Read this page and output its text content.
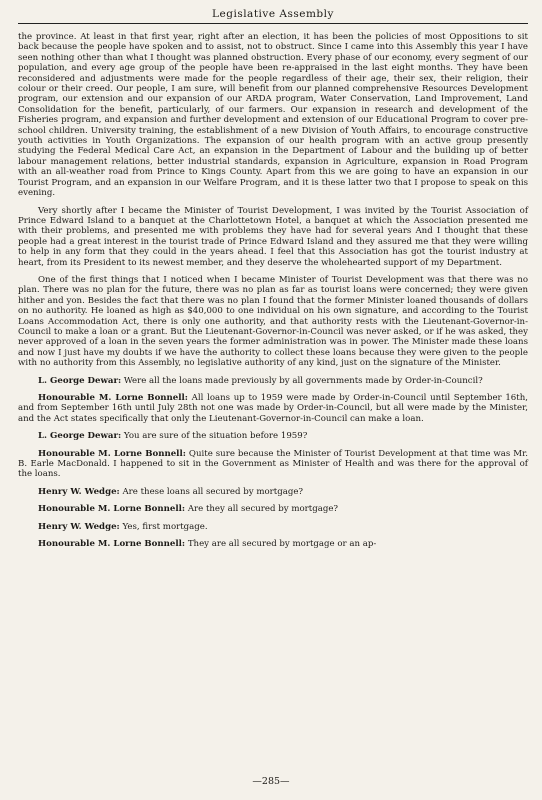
Legislative Assembly

the province. At least in that first year, right after an election, it has been the policies of most Oppositions to sit back because the people have spoken and to assist, not to obstruct. Since I came into this Assembly this year I have seen nothing other than what I thought was planned obstruction. Every phase of our economy, every segment of our population, and every age group of the people have been re-appraised in the last eight months. They have been reconsidered and adjustments were made for the people regardless of their age, their sex, their religion, their colour or their creed. Our people, I am sure, will benefit from our planned comprehensive Resources Development program, our extension and our expansion of our ARDA program, Water Conservation, Land Improvement, Land Consolidation for the benefit, particularly, of our farmers. Our expansion in research and development of the Fisheries program, and expansion and further development and extension of our Educational Program to cover pre-school children. University training, the establishment of a new Division of Youth Affairs, to encourage constructive youth activities in Youth Organizations. The expansion of our health program with an active group presently studying the Federal Medical Care Act, an expansion in the Department of Labour and the building up of better labour management relations, better industrial standards, expansion in Agriculture, expansion in Road Program with an all-weather road from Prince to Kings County. Apart from this we are going to have an expansion in our Tourist Program, and an expansion in our Welfare Program, and it is these latter two that I propose to speak on this evening.

Very shortly after I became the Minister of Tourist Development, I was invited by the Tourist Association of Prince Edward Island to a banquet at the Charlottetown Hotel, a banquet at which the Association presented me with their problems, and presented me with problems they have had for several years And I thought that these people had a great interest in the tourist trade of Prince Edward Island and they assured me that they were willing to help in any form that they could in the years ahead. I feel that this Association has got the tourist industry at heart, from its President to its newest member, and they deserve the wholehearted support of my Department.

One of the first things that I noticed when I became Minister of Tourist Development was that there was no plan. There was no plan for the future, there was no plan as far as tourist loans were concerned; they were given hither and yon. Besides the fact that there was no plan I found that the former Minister loaned thousands of dollars on no authority. He loaned as high as $40,000 to one individual on his own signature, and according to the Tourist Loans Accommodation Act, there is only one authority, and that authority rests with the Lieutenant-Governor-in-Council to make a loan or a grant. But the Lieutenant-Governor-in-Council was never asked, or if he was asked, they never approved of a loan in the seven years the former administration was in power. The Minister made these loans and now I just have my doubts if we have the authority to collect these loans because they were given to the people with no authority from this Assembly, no legislative authority of any kind, just on the signature of the Minister.

L. George Dewar: Were all the loans made previously by all governments made by Order-in-Council?

Honourable M. Lorne Bonnell: All loans up to 1959 were made by Order-in-Council until September 16th, and from September 16th until July 28th not one was made by Order-in-Council, but all were made by the Minister, and the Act states specifically that only the Lieutenant-Governor-in-Council can make a loan.

L. George Dewar: You are sure of the situation before 1959?

Honourable M. Lorne Bonnell: Quite sure because the Minister of Tourist Development at that time was Mr. B. Earle MacDonald. I happened to sit in the Government as Minister of Health and was there for the approval of the loans.

Henry W. Wedge: Are these loans all secured by mortgage?

Honourable M. Lorne Bonnell: Are they all secured by mortgage?

Henry W. Wedge: Yes, first mortgage.

Honourable M. Lorne Bonnell: They are all secured by mortgage or an ap-

—285—
